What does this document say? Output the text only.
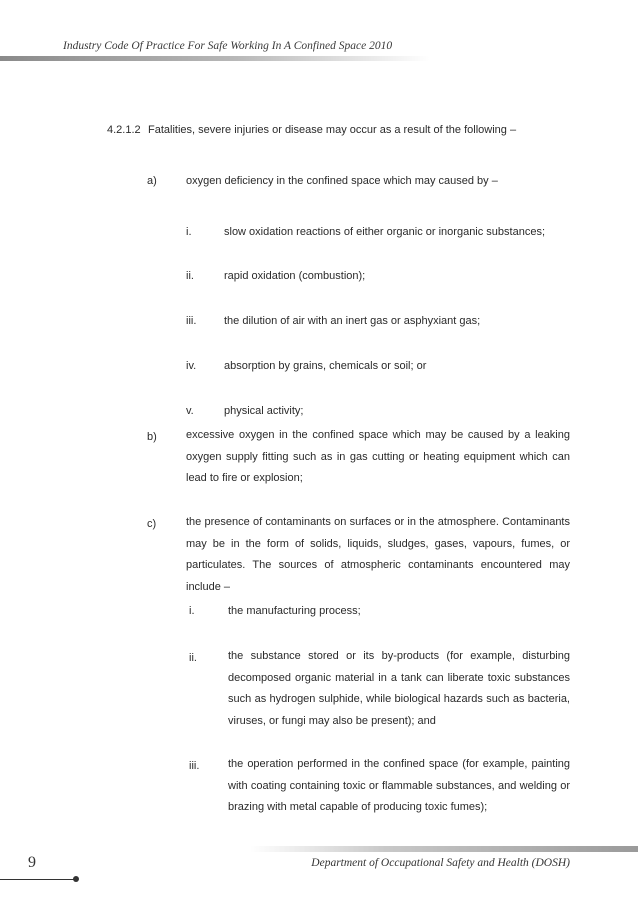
Industry Code Of Practice For Safe Working In A Confined Space 2010
4.2.1.2 Fatalities, severe injuries or disease may occur as a result of the following –
a)	oxygen deficiency in the confined space which may caused by –
i.	slow oxidation reactions of either organic or inorganic substances;
ii.	rapid oxidation (combustion);
iii.	the dilution of air with an inert gas or asphyxiant gas;
iv.	absorption by grains, chemicals or soil; or
v.	physical activity;
b)	excessive oxygen in the confined space which may be caused by a leaking oxygen supply fitting such as in gas cutting or heating equipment which can lead to fire or explosion;
c)	the presence of contaminants on surfaces or in the atmosphere. Contaminants may be in the form of solids, liquids, sludges, gases, vapours, fumes, or particulates. The sources of atmospheric contaminants encountered may include –
i.	the manufacturing process;
ii.	the substance stored or its by-products (for example, disturbing decomposed organic material in a tank can liberate toxic substances such as hydrogen sulphide, while biological hazards such as bacteria, viruses, or fungi may also be present); and
iii.	the operation performed in the confined space (for example, painting with coating containing toxic or flammable substances, and welding or brazing with metal capable of producing toxic fumes);
9	Department of Occupational Safety and Health (DOSH)
